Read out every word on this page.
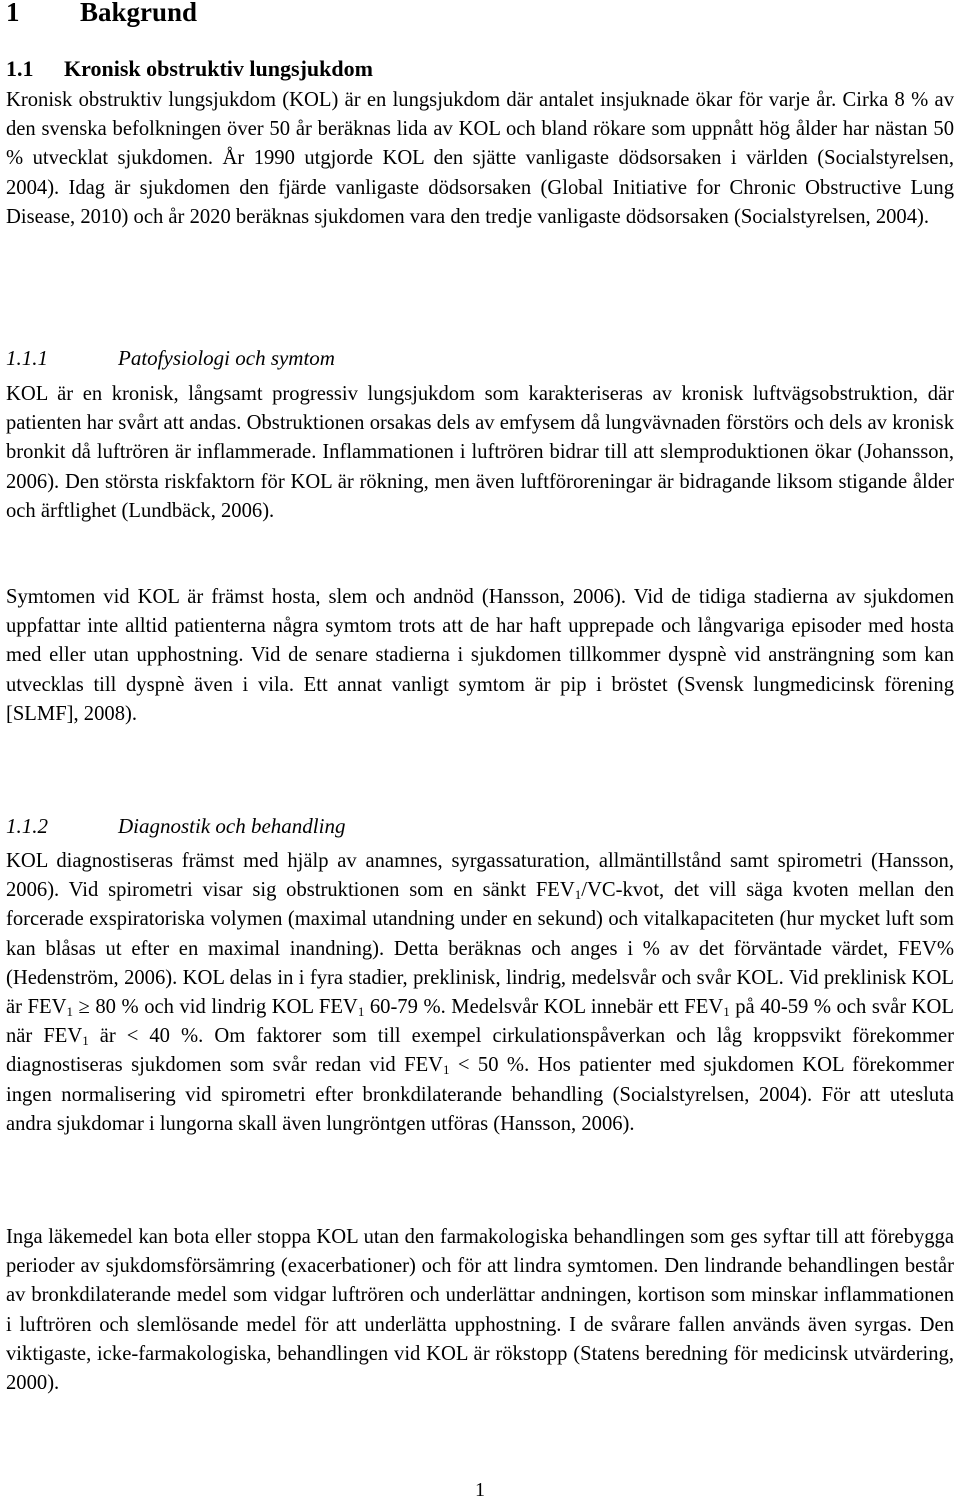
1 Bakgrund
1.1 Kronisk obstruktiv lungsjukdom

Kronisk obstruktiv lungsjukdom (KOL) är en lungsjukdom där antalet insjuknade ökar för varje år. Cirka 8 % av den svenska befolkningen över 50 år beräknas lida av KOL och bland rökare som uppnått hög ålder har nästan 50 % utvecklat sjukdomen. År 1990 utgjorde KOL den sjätte vanligaste dödsorsaken i världen (Socialstyrelsen, 2004). Idag är sjukdomen den fjärde vanligaste dödsorsaken (Global Initiative for Chronic Obstructive Lung Disease, 2010) och år 2020 beräknas sjukdomen vara den tredje vanligaste dödsorsaken (Socialstyrelsen, 2004).

1.1.1	Patofysiologi och symtom

KOL är en kronisk, långsamt progressiv lungsjukdom som karakteriseras av kronisk luftvägsobstruktion, där patienten har svårt att andas. Obstruktionen orsakas dels av emfysem då lungvävnaden förstörs och dels av kronisk bronkit då luftrören är inflammerade. Inflammationen i luftrören bidrar till att slemproduktionen ökar (Johansson, 2006). Den största riskfaktorn för KOL är rökning, men även luftföroreningar är bidragande liksom stigande ålder och ärftlighet (Lundbäck, 2006).

Symtomen vid KOL är främst hosta, slem och andnöd (Hansson, 2006). Vid de tidiga stadierna av sjukdomen uppfattar inte alltid patienterna några symtom trots att de har haft upprepade och långvariga episoder med hosta med eller utan upphostning. Vid de senare stadierna i sjukdomen tillkommer dyspnè vid ansträngning som kan utvecklas till dyspnè även i vila. Ett annat vanligt symtom är pip i bröstet (Svensk lungmedicinsk förening [SLMF], 2008).

1.1.2	Diagnostik och behandling

KOL diagnostiseras främst med hjälp av anamnes, syrgassaturation, allmäntillstånd samt spirometri (Hansson, 2006). Vid spirometri visar sig obstruktionen som en sänkt $FEV_1/VC$-kvot, det vill säga kvoten mellan den forcerade exspiratoriska volymen (maximal utandning under en sekund) och vitalkapaciteten (hur mycket luft som kan blåsas ut efter en maximal inandning). Detta beräknas och anges i % av det förväntade värdet, FEV% (Hedenström, 2006). KOL delas in i fyra stadier, preklinisk, lindrig, medelsvår och svår KOL. Vid preklinisk KOL är $FEV_1 \ge 80$ % och vid lindrig KOL $FEV_1$ 60-79 %. Medelsvår KOL innebär ett $FEV_1$ på 40-59 % och svår KOL när $FEV_1$ är < 40 %. Om faktorer som till exempel cirkulationspåverkan och låg kroppsvikt förekommer diagnostiseras sjukdomen som svår redan vid $FEV_1 < 50$ %. Hos patienter med sjukdomen KOL förekommer ingen normalisering vid spirometri efter bronkdilaterande behandling (Socialstyrelsen, 2004). För att utesluta andra sjukdomar i lungorna skall även lungröntgen utföras (Hansson, 2006).

Inga läkemedel kan bota eller stoppa KOL utan den farmakologiska behandlingen som ges syftar till att förebygga perioder av sjukdomsförsämring (exacerbationer) och för att lindra symtomen. Den lindrande behandlingen består av bronkdilaterande medel som vidgar luftrören och underlättar andningen, kortison som minskar inflammationen i luftrören och slemlösande medel för att underlätta upphostning. I de svårare fallen används även syrgas. Den viktigaste, icke-farmakologiska, behandlingen vid KOL är rökstopp (Statens beredning för medicinsk utvärdering, 2000).

1
